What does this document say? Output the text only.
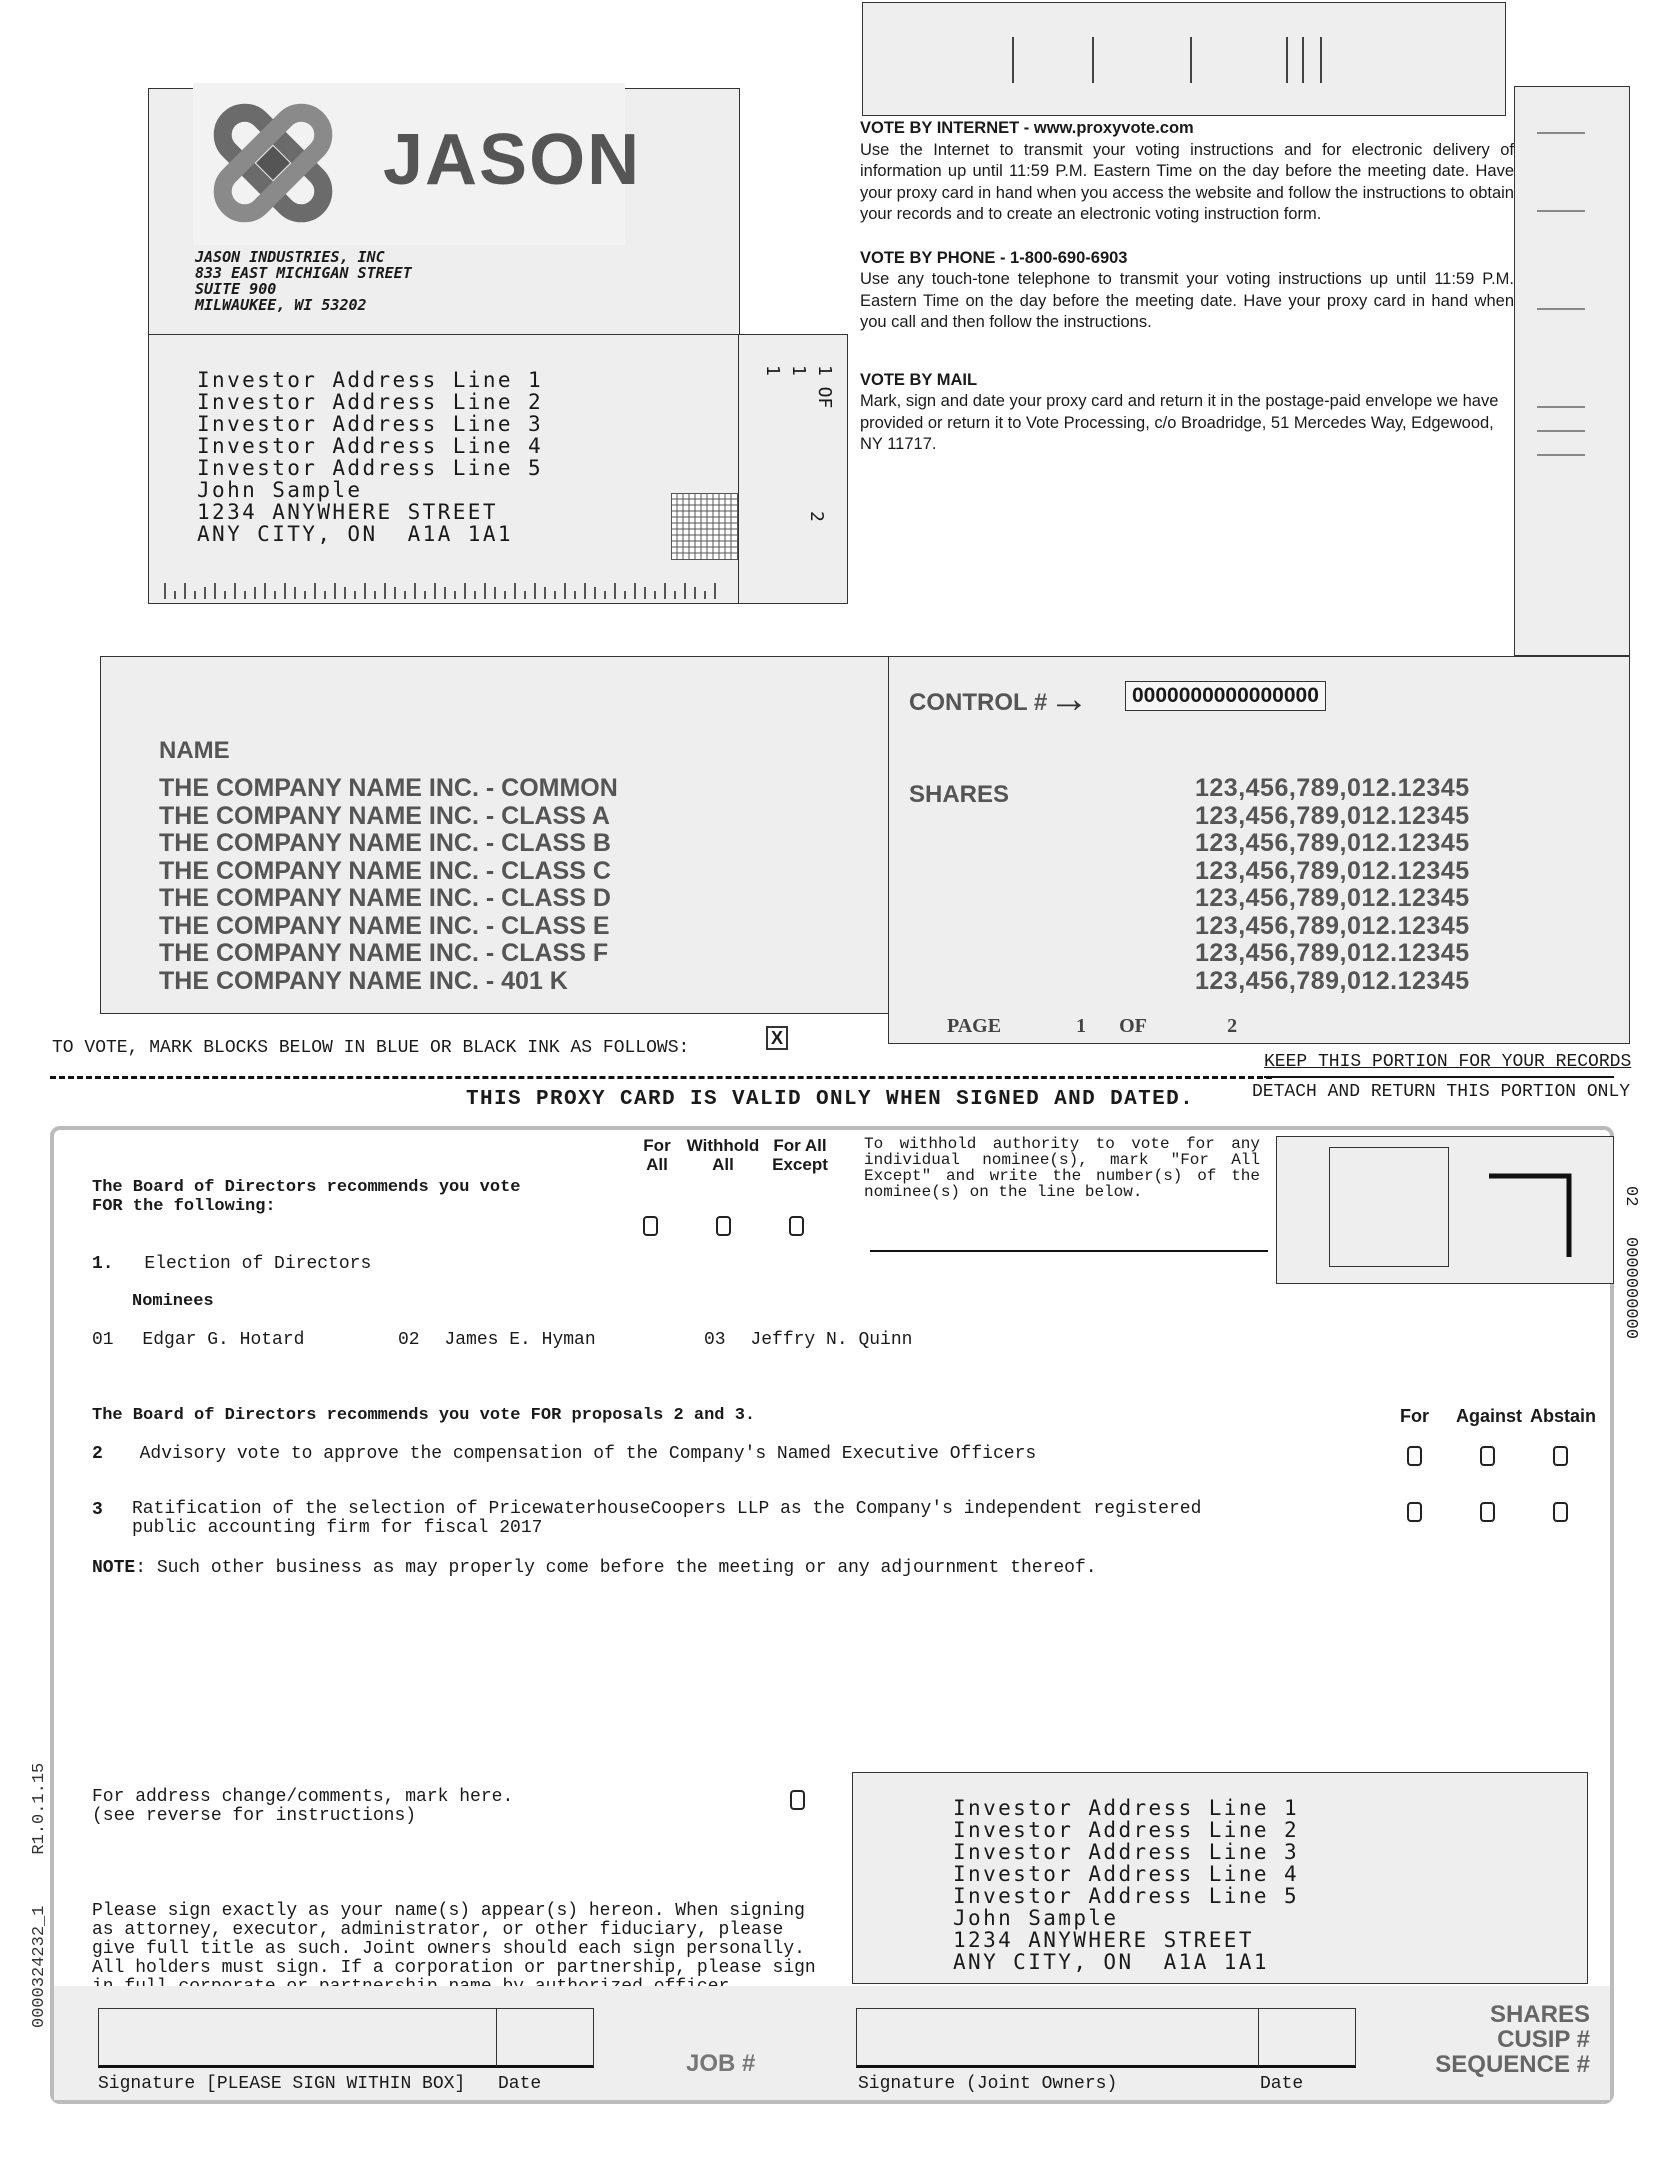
JASON
JASON INDUSTRIES, INC
833 EAST MICHIGAN STREET
SUITE 900
MILWAUKEE, WI 53202
Investor Address Line 1
Investor Address Line 2
Investor Address Line 3
Investor Address Line 4
Investor Address Line 5
John Sample
1234 ANYWHERE STREET
ANY CITY, ON  A1A 1A1
1 OF
1
1
2

VOTE BY INTERNET - www.proxyvote.com

Use the Internet to transmit your voting instructions and for electronic delivery of information up until 11:59 P.M. Eastern Time on the day before the meeting date. Have your proxy card in hand when you access the website and follow the instructions to obtain your records and to create an electronic voting instruction form.

VOTE BY PHONE - 1-800-690-6903

Use any touch-tone telephone to transmit your voting instructions up until 11:59 P.M. Eastern Time on the day before the meeting date. Have your proxy card in hand when you call and then follow the instructions.

VOTE BY MAIL

Mark, sign and date your proxy card and return it in the postage-paid envelope we have provided or return it to Vote Processing, c/o Broadridge, 51 Mercedes Way, Edgewood, NY 11717.

NAME
THE COMPANY NAME INC. - COMMON
THE COMPANY NAME INC. - CLASS A
THE COMPANY NAME INC. - CLASS B
THE COMPANY NAME INC. - CLASS C
THE COMPANY NAME INC. - CLASS D
THE COMPANY NAME INC. - CLASS E
THE COMPANY NAME INC. - CLASS F
THE COMPANY NAME INC. - 401 K
CONTROL # →	0000000000000000
SHARES	123,456,789,012.12345
123,456,789,012.12345
123,456,789,012.12345
123,456,789,012.12345
123,456,789,012.12345
123,456,789,012.12345
123,456,789,012.12345
123,456,789,012.12345
PAGE	1 OF	2
TO VOTE, MARK BLOCKS BELOW IN BLUE OR BLACK INK AS FOLLOWS:	X
KEEP THIS PORTION FOR YOUR RECORDS
DETACH AND RETURN THIS PORTION ONLY
THIS PROXY CARD IS VALID ONLY WHEN SIGNED AND DATED.
For All
Withhold All
For All Except
The Board of Directors recommends you vote FOR the following:
To withhold authority to vote for any individual nominee(s), mark "For All Except" and write the number(s) of the nominee(s) on the line below.	02   0000000000
1. Election of Directors
Nominees
01 Edgar G. Hotard	02 James E. Hyman	03 Jeffry N. Quinn
The Board of Directors recommends you vote FOR proposals 2 and 3.	For Against Abstain
2 Advisory vote to approve the compensation of the Company's Named Executive Officers
3 Ratification of the selection of PricewaterhouseCoopers LLP as the Company's independent registered public accounting firm for fiscal 2017
NOTE: Such other business as may properly come before the meeting or any adjournment thereof.
For address change/comments, mark here.
(see reverse for instructions)
Please sign exactly as your name(s) appear(s) hereon. When signing as attorney, executor, administrator, or other fiduciary, please give full title as such. Joint owners should each sign personally. All holders must sign. If a corporation or partnership, please sign
Investor Address Line 1
Investor Address Line 2
Investor Address Line 3
Investor Address Line 4
Investor Address Line 5
John Sample
1234 ANYWHERE STREET
ANY CITY, ON  A1A 1A1
Signature [PLEASE SIGN WITHIN BOX] Date
JOB #
Signature (Joint Owners)	Date
SHARES
CUSIP #
SEQUENCE #
0000324232_1     R1.0.1.15
